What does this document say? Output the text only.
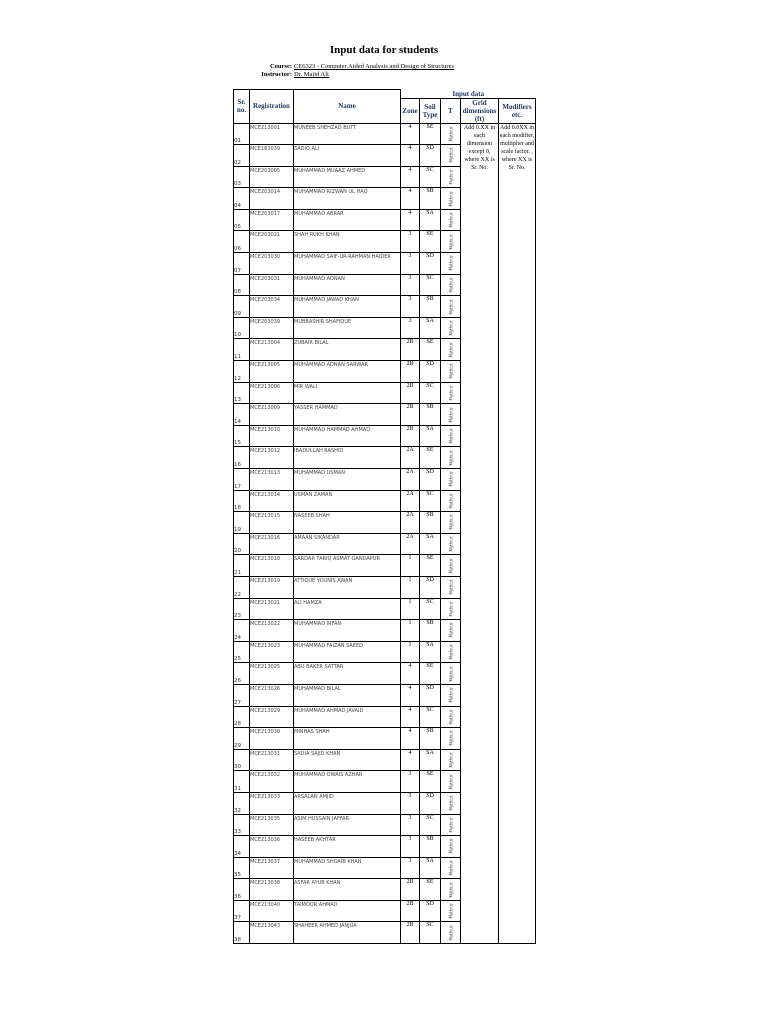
Input data for students
Course: CE6323 - Computer Aided Analysis and Design of Structures
Instructor: Dr. Majid Ali
Sr. no.	Registration	Name	Input data				
			Zone	Soil Type	T	Grid dimensions (ft)	Modifiers etc.
01	MCE213001	MUNEEB SHEHZAD BUTT	4	SE	Mythr.d	Add 0.XX in each dimension except 0, where XX is Sr. No.	Add 0.0XX in each modifier, multiplier and scale factor. , where XX is Sr. No.
02	MCE183039	SADIQ ALI	4	SD	Mythr.d		

03	MCE203005	MUHAMMAD MUAAZ AHMED	4	SC	Mythr.d		

04	MCE203014	MUHAMMAD RIZWAN UL HAQ	4	SB	Mythr.d		

05	MCE203017	MUHAMMAD ABRAR	4	SA	Mythr.d		

06	MCE203021	SHAH RUKH KHAN	3	SE	Mythr.d		

07	MCE203030	MUHAMMAD SAIF-UR-RAHMAN HAIDER	3	SD	Mythr.d		

08	MCE203031	MUHAMMAD ADNAN	3	SC	Mythr.d		

09	MCE203034	MUHAMMAD JAWAD KHAN	3	SB	Mythr.d		

10	MCE203039	MUBBASHIR SHAFIQUE	3	SA	Mythr.d		

11	MCE213004	ZUBAIR BILAL	2B	SE	Mythr.d		

12	MCE213005	MUHAMMAD ADNAN SARWAR	2B	SD	Mythr.d		

13	MCE213006	MIR WALI	2B	SC	Mythr.d		

14	MCE213009	YASSER HAMMAD	2B	SB	Mythr.d		

15	MCE213010	MUHAMMAD HAMMAD AHMAD	2B	SA	Mythr.d		

16	MCE213012	IBADULLAH RASHID	2A	SE	Mythr.d		

17	MCE213013	MUHAMMAD USMAN	2A	SD	Mythr.d		

18	MCE213014	USMAN ZAMAN	2A	SC	Mythr.d		

19	MCE213015	NASEEB SHAH	2A	SB	Mythr.d		

20	MCE213016	AMAAN SIKANDAR	2A	SA	Mythr.d		

21	MCE213018	SARDAR TARIQ ASMAT GANDAPUR	1	SE	Mythr.d		

22	MCE213019	ATTIQUE YOUNIS AWAN	1	SD	Mythr.d		

23	MCE213021	ALI HAMZA	1	SC	Mythr.d		

24	MCE213022	MUHAMMAD IRFAN	1	SB	Mythr.d		

25	MCE213023	MUHAMMAD FAIZAN SAEED	1	SA	Mythr.d		

26	MCE213025	ABU BAKER SATTAR	4	SE	Mythr.d		

27	MCE213026	MUHAMMAD BILAL	4	SD	Mythr.d		

28	MCE213029	MUHAMMAD AHMAD JAVAID	4	SC	Mythr.d		

29	MCE213030	MINHAS SHAH	4	SB	Mythr.d		

30	MCE213031	SADIA SAJID KHAN	4	SA	Mythr.d		

31	MCE213032	MUHAMMAD OWAIS AZHAR	3	SE	Mythr.d		

32	MCE213033	ARSALAN AMJID	3	SD	Mythr.d		

33	MCE213035	ASIM HUSSAIN JAFFAR	3	SC	Mythr.d		

34	MCE213036	HASEEB AKHTAR	3	SB	Mythr.d		

35	MCE213037	MUHAMMAD SHOAIB KHAN	3	SA	Mythr.d		

36	MCE213038	ASFAR AYUB KHAN	2B	SE	Mythr.d		

37	MCE213040	TAIMOOR AHMAD	2B	SD	Mythr.d		

38	MCE213043	SHAHEER AHMED JANJUA	2B	SC	Mythr.d		
